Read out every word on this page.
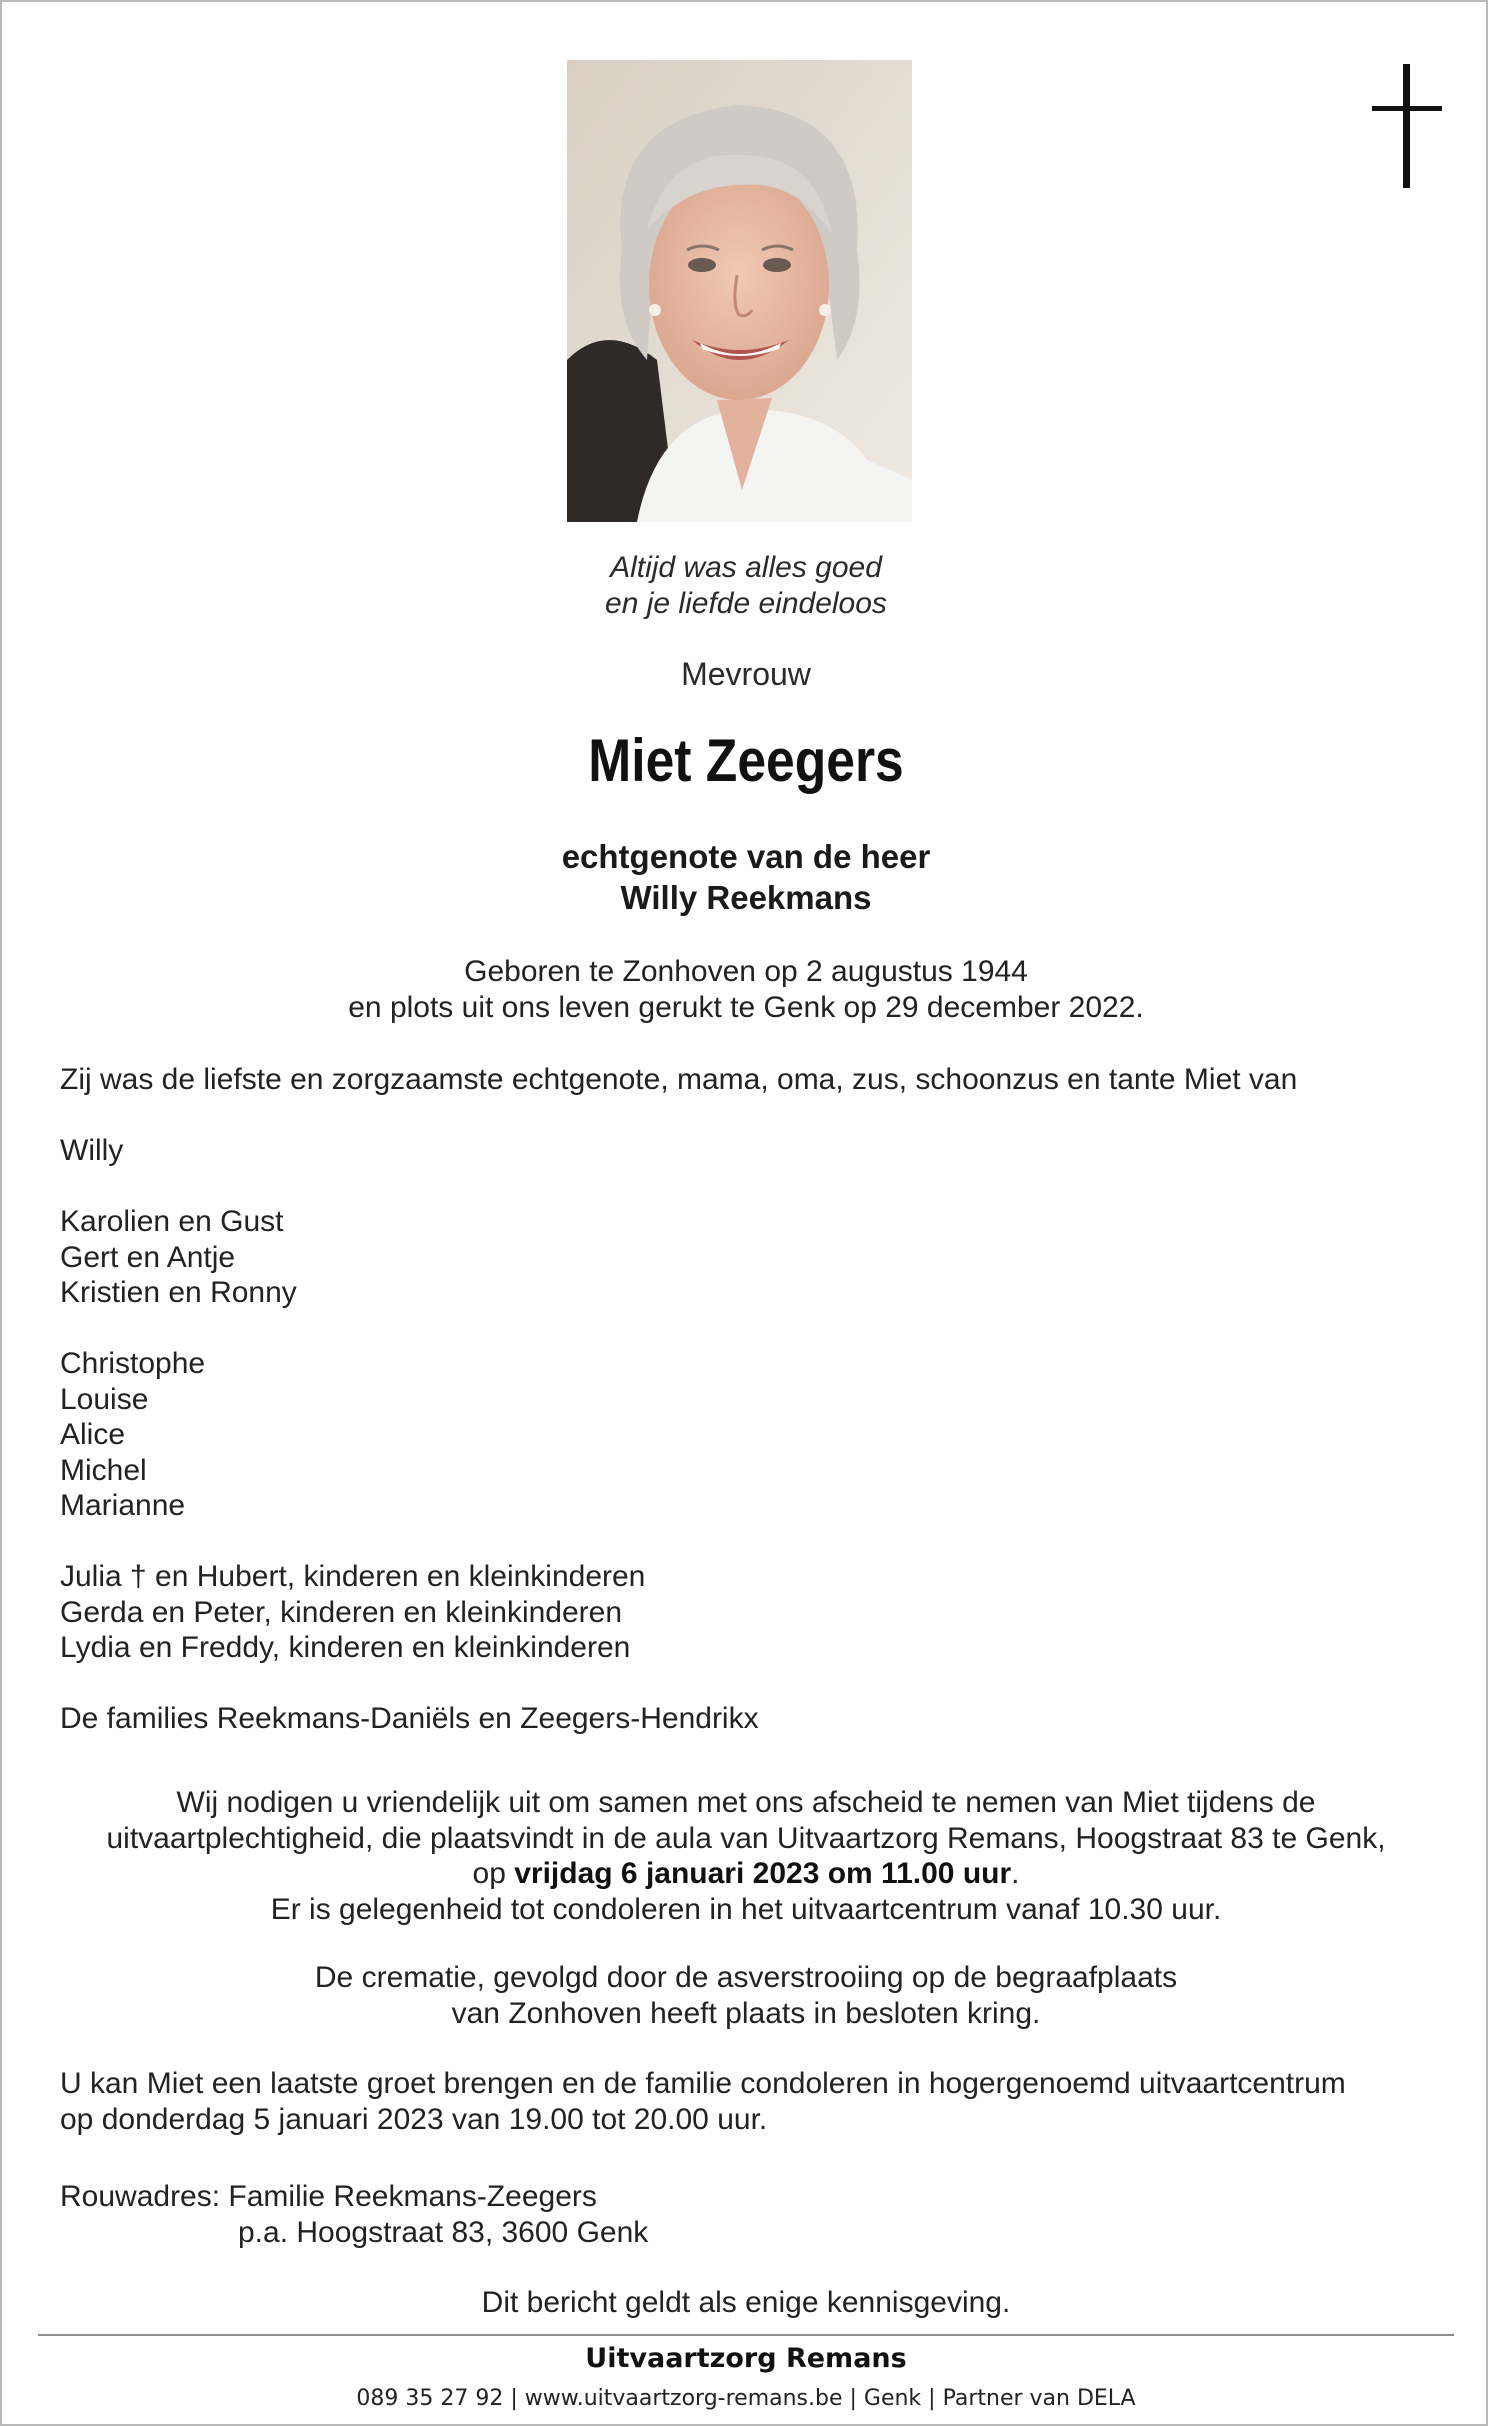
Altijd was alles goed
en je liefde eindeloos
Mevrouw
Miet Zeegers
echtgenote van de heer
Willy Reekmans
Geboren te Zonhoven op 2 augustus 1944
en plots uit ons leven gerukt te Genk op 29 december 2022.
Zij was de liefste en zorgzaamste echtgenote, mama, oma, zus, schoonzus en tante Miet van
Willy
Karolien en Gust
Gert en Antje
Kristien en Ronny
Christophe
Louise
Alice
Michel
Marianne
Julia † en Hubert, kinderen en kleinkinderen
Gerda en Peter, kinderen en kleinkinderen
Lydia en Freddy, kinderen en kleinkinderen
De families Reekmans-Daniëls en Zeegers-Hendrikx
Wij nodigen u vriendelijk uit om samen met ons afscheid te nemen van Miet tijdens de
uitvaartplechtigheid, die plaatsvindt in de aula van Uitvaartzorg Remans, Hoogstraat 83 te Genk,
op vrijdag 6 januari 2023 om 11.00 uur.
Er is gelegenheid tot condoleren in het uitvaartcentrum vanaf 10.30 uur.
De crematie, gevolgd door de asverstrooiing op de begraafplaats
van Zonhoven heeft plaats in besloten kring.
U kan Miet een laatste groet brengen en de familie condoleren in hogergenoemd uitvaartcentrum
op donderdag 5 januari 2023 van 19.00 tot 20.00 uur.
Rouwadres: Familie Reekmans-Zeegers
p.a. Hoogstraat 83, 3600 Genk
Dit bericht geldt als enige kennisgeving.
Uitvaartzorg Remans
089 35 27 92 | www.uitvaartzorg-remans.be | Genk | Partner van DELA
